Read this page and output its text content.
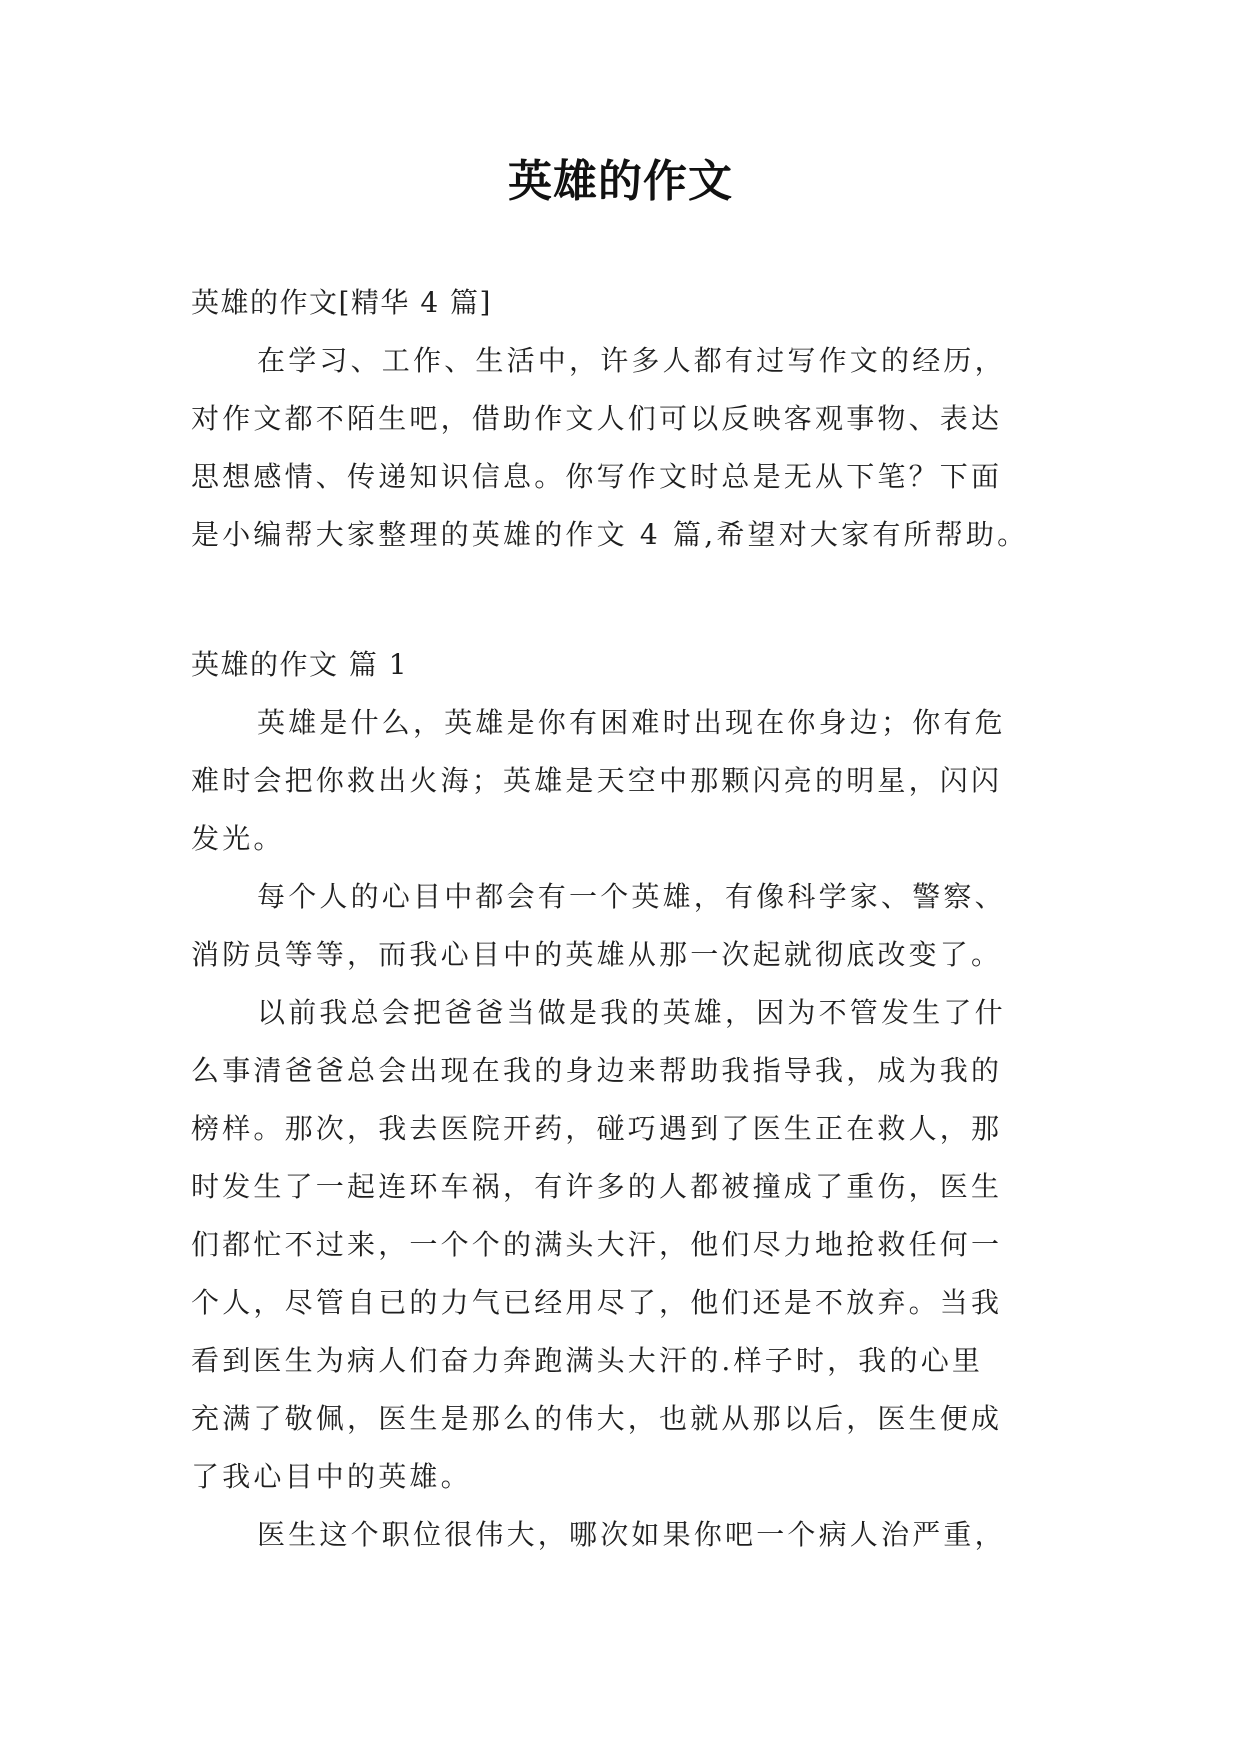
英雄的作文
英雄的作文[精华 4 篇]
在学习、工作、生活中，许多人都有过写作文的经历，
对作文都不陌生吧，借助作文人们可以反映客观事物、表达
思想感情、传递知识信息。你写作文时总是无从下笔？下面
是小编帮大家整理的英雄的作文 4 篇,希望对大家有所帮助。
英雄的作文 篇 1
英雄是什么，英雄是你有困难时出现在你身边；你有危
难时会把你救出火海；英雄是天空中那颗闪亮的明星，闪闪
发光。
每个人的心目中都会有一个英雄，有像科学家、警察、
消防员等等，而我心目中的英雄从那一次起就彻底改变了。
以前我总会把爸爸当做是我的英雄，因为不管发生了什
么事清爸爸总会出现在我的身边来帮助我指导我，成为我的
榜样。那次，我去医院开药，碰巧遇到了医生正在救人，那
时发生了一起连环车祸，有许多的人都被撞成了重伤，医生
们都忙不过来，一个个的满头大汗，他们尽力地抢救任何一
个人，尽管自已的力气已经用尽了，他们还是不放弃。当我
看到医生为病人们奋力奔跑满头大汗的.样子时，我的心里
充满了敬佩，医生是那么的伟大，也就从那以后，医生便成
了我心目中的英雄。
医生这个职位很伟大，哪次如果你吧一个病人治严重，
